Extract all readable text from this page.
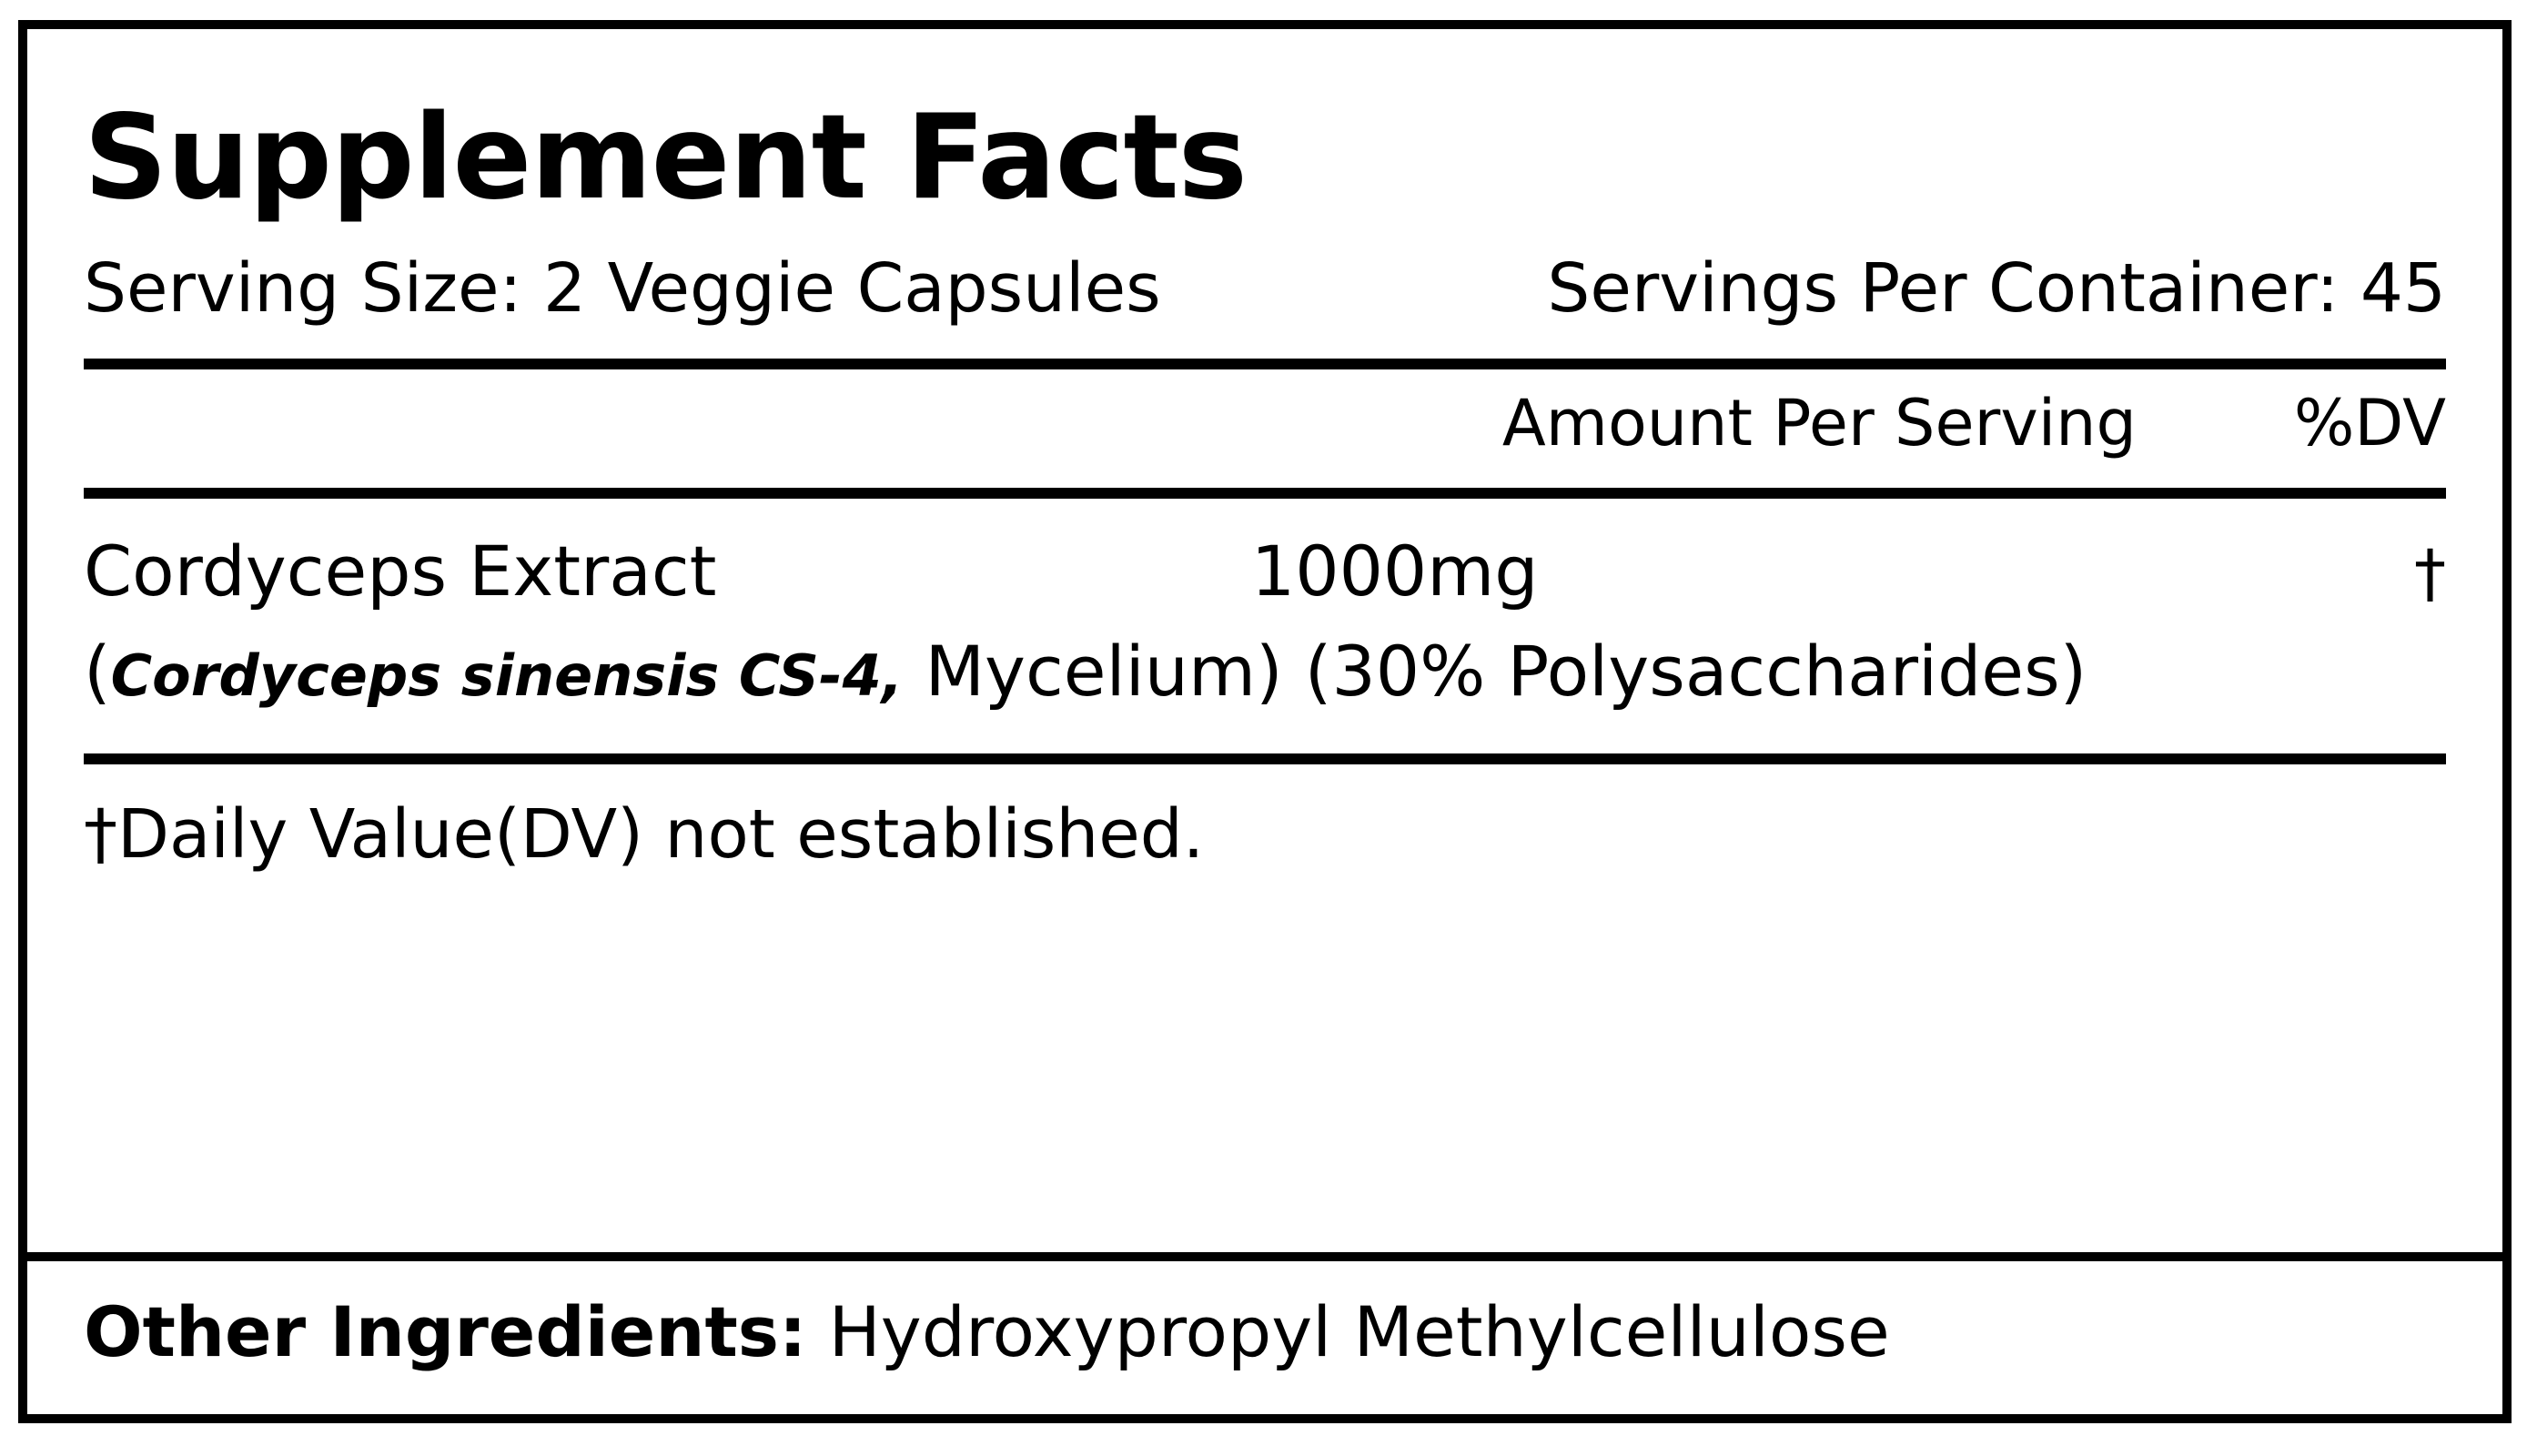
Supplement Facts
Serving Size: 2 Veggie Capsules	Servings Per Container: 45
Amount Per Serving	%DV
Cordyceps Extract	1000mg	†
(Cordyceps sinensis CS-4, Mycelium) (30% Polysaccharides)
†Daily Value(DV) not established.
Other Ingredients: Hydroxypropyl Methylcellulose
